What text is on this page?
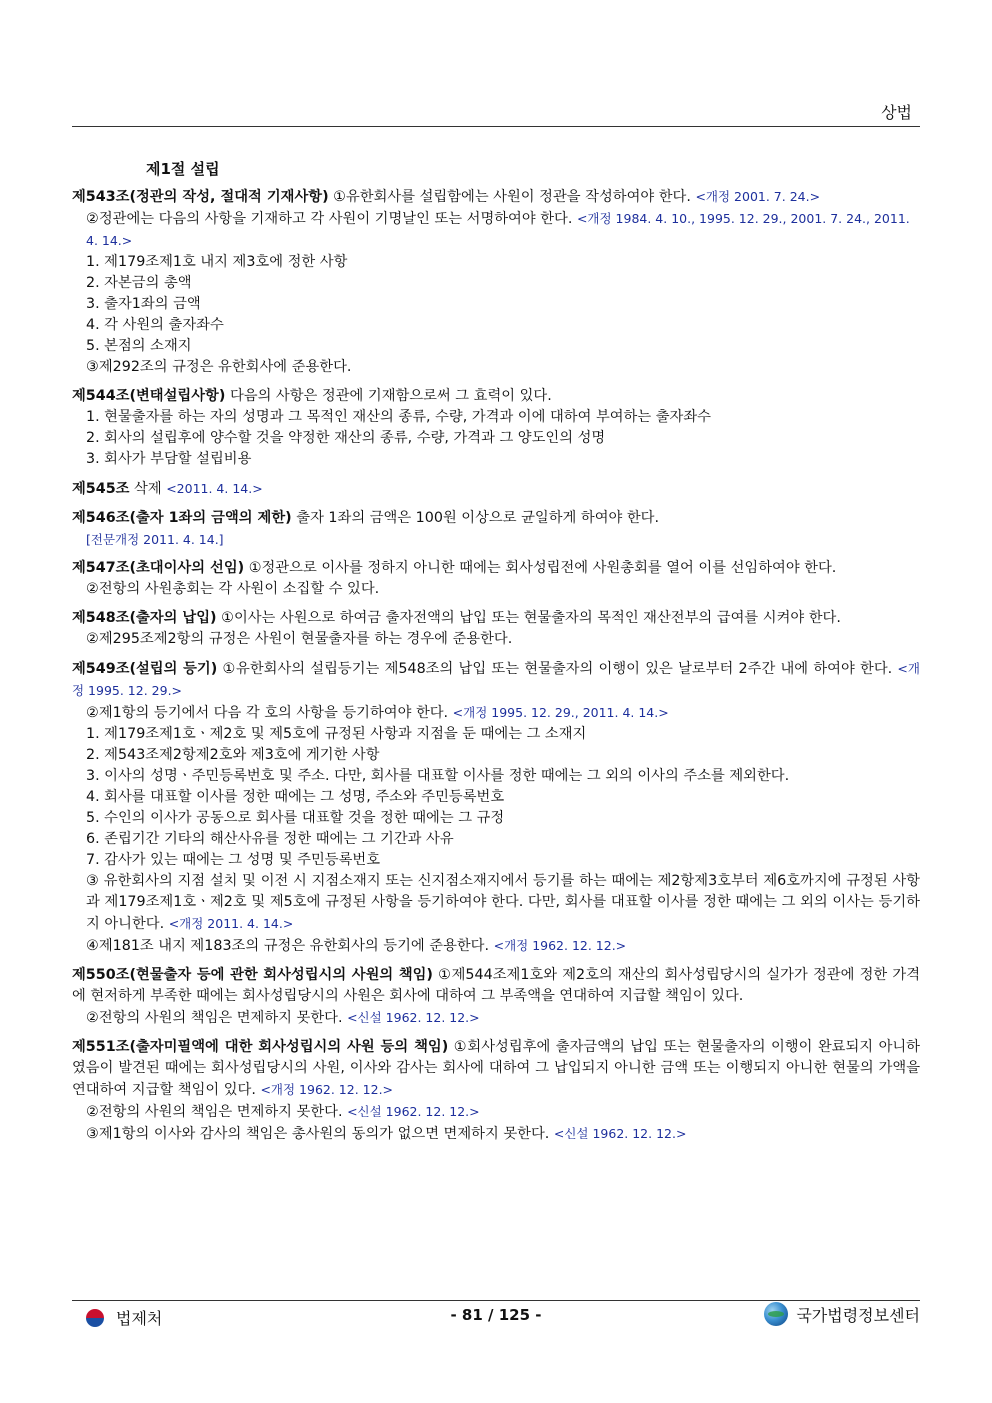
상법
제1절 설립

제543조(정관의 작성, 절대적 기재사항) ①유한회사를 설립함에는 사원이 정관을 작성하여야 한다. <개정 2001. 7. 24.>

②정관에는 다음의 사항을 기재하고 각 사원이 기명날인 또는 서명하여야 한다. <개정 1984. 4. 10., 1995. 12. 29., 2001. 7. 24., 2011. 4. 14.>

1. 제179조제1호 내지 제3호에 정한 사항

2. 자본금의 총액

3. 출자1좌의 금액

4. 각 사원의 출자좌수

5. 본점의 소재지

③제292조의 규정은 유한회사에 준용한다.

제544조(변태설립사항) 다음의 사항은 정관에 기재함으로써 그 효력이 있다.

1. 현물출자를 하는 자의 성명과 그 목적인 재산의 종류, 수량, 가격과 이에 대하여 부여하는 출자좌수

2. 회사의 설립후에 양수할 것을 약정한 재산의 종류, 수량, 가격과 그 양도인의 성명

3. 회사가 부담할 설립비용

제545조 삭제 <2011. 4. 14.>

제546조(출자 1좌의 금액의 제한) 출자 1좌의 금액은 100원 이상으로 균일하게 하여야 한다.

[전문개정 2011. 4. 14.]

제547조(초대이사의 선임) ①정관으로 이사를 정하지 아니한 때에는 회사성립전에 사원총회를 열어 이를 선임하여야 한다.

②전항의 사원총회는 각 사원이 소집할 수 있다.

제548조(출자의 납입) ①이사는 사원으로 하여금 출자전액의 납입 또는 현물출자의 목적인 재산전부의 급여를 시켜야 한다.

②제295조제2항의 규정은 사원이 현물출자를 하는 경우에 준용한다.

제549조(설립의 등기) ①유한회사의 설립등기는 제548조의 납입 또는 현물출자의 이행이 있은 날로부터 2주간 내에 하여야 한다. <개정 1995. 12. 29.>

②제1항의 등기에서 다음 각 호의 사항을 등기하여야 한다. <개정 1995. 12. 29., 2011. 4. 14.>

1. 제179조제1호ㆍ제2호 및 제5호에 규정된 사항과 지점을 둔 때에는 그 소재지

2. 제543조제2항제2호와 제3호에 게기한 사항

3. 이사의 성명ㆍ주민등록번호 및 주소. 다만, 회사를 대표할 이사를 정한 때에는 그 외의 이사의 주소를 제외한다.

4. 회사를 대표할 이사를 정한 때에는 그 성명, 주소와 주민등록번호

5. 수인의 이사가 공동으로 회사를 대표할 것을 정한 때에는 그 규정

6. 존립기간 기타의 해산사유를 정한 때에는 그 기간과 사유

7. 감사가 있는 때에는 그 성명 및 주민등록번호

③ 유한회사의 지점 설치 및 이전 시 지점소재지 또는 신지점소재지에서 등기를 하는 때에는 제2항제3호부터 제6호까지에 규정된 사항과 제179조제1호ㆍ제2호 및 제5호에 규정된 사항을 등기하여야 한다. 다만, 회사를 대표할 이사를 정한 때에는 그 외의 이사는 등기하지 아니한다. <개정 2011. 4. 14.>

④제181조 내지 제183조의 규정은 유한회사의 등기에 준용한다. <개정 1962. 12. 12.>

제550조(현물출자 등에 관한 회사성립시의 사원의 책임) ①제544조제1호와 제2호의 재산의 회사성립당시의 실가가 정관에 정한 가격에 현저하게 부족한 때에는 회사성립당시의 사원은 회사에 대하여 그 부족액을 연대하여 지급할 책임이 있다.

②전항의 사원의 책임은 면제하지 못한다. <신설 1962. 12. 12.>

제551조(출자미필액에 대한 회사성립시의 사원 등의 책임) ①회사성립후에 출자금액의 납입 또는 현물출자의 이행이 완료되지 아니하였음이 발견된 때에는 회사성립당시의 사원, 이사와 감사는 회사에 대하여 그 납입되지 아니한 금액 또는 이행되지 아니한 현물의 가액을 연대하여 지급할 책임이 있다. <개정 1962. 12. 12.>

②전항의 사원의 책임은 면제하지 못한다. <신설 1962. 12. 12.>

③제1항의 이사와 감사의 책임은 총사원의 동의가 없으면 면제하지 못한다. <신설 1962. 12. 12.>

법제처	- 81 / 125 -	국가법령정보센터
